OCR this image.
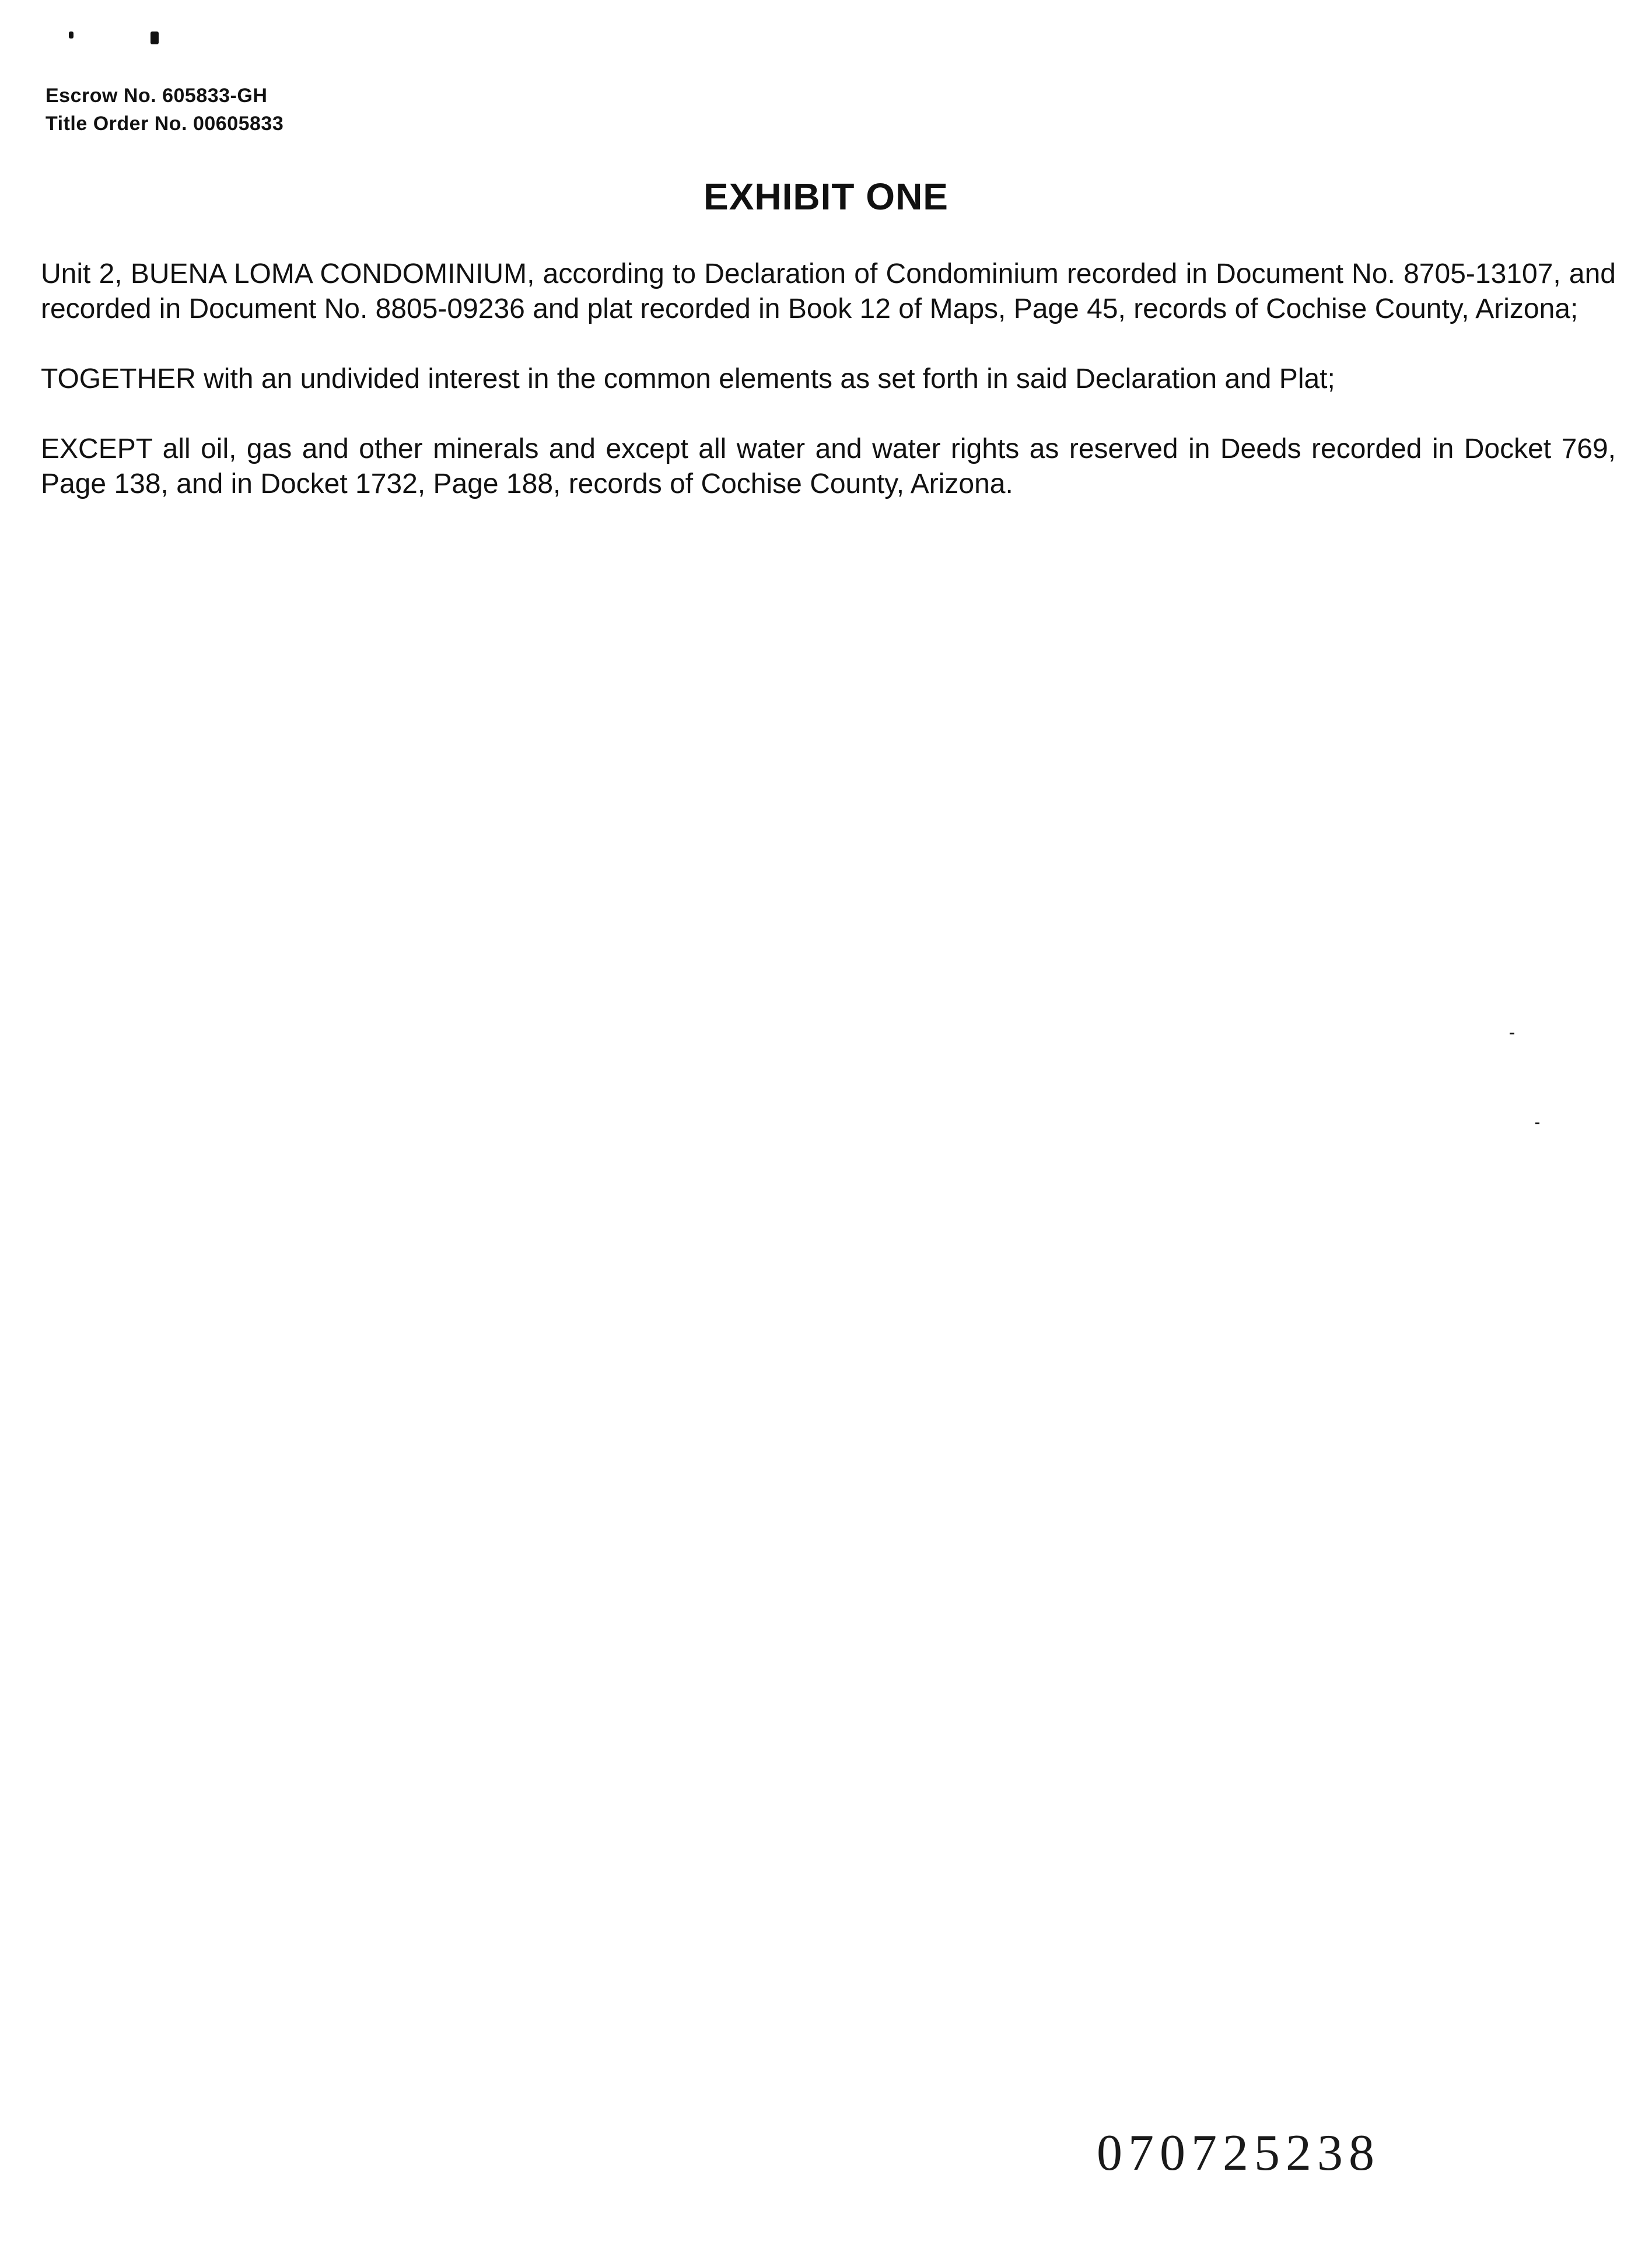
Escrow No. 605833-GH
Title Order No. 00605833
EXHIBIT ONE

Unit 2, BUENA LOMA CONDOMINIUM, according to Declaration of Condominium recorded in Document No. 8705-13107, and recorded in Document No. 8805-09236 and plat recorded in Book 12 of Maps, Page 45, records of Cochise County, Arizona;

TOGETHER with an undivided interest in the common elements as set forth in said Declaration and Plat;

EXCEPT all oil, gas and other minerals and except all water and water rights as reserved in Deeds recorded in Docket 769, Page 138, and in Docket 1732, Page 188, records of Cochise County, Arizona.

070725238
